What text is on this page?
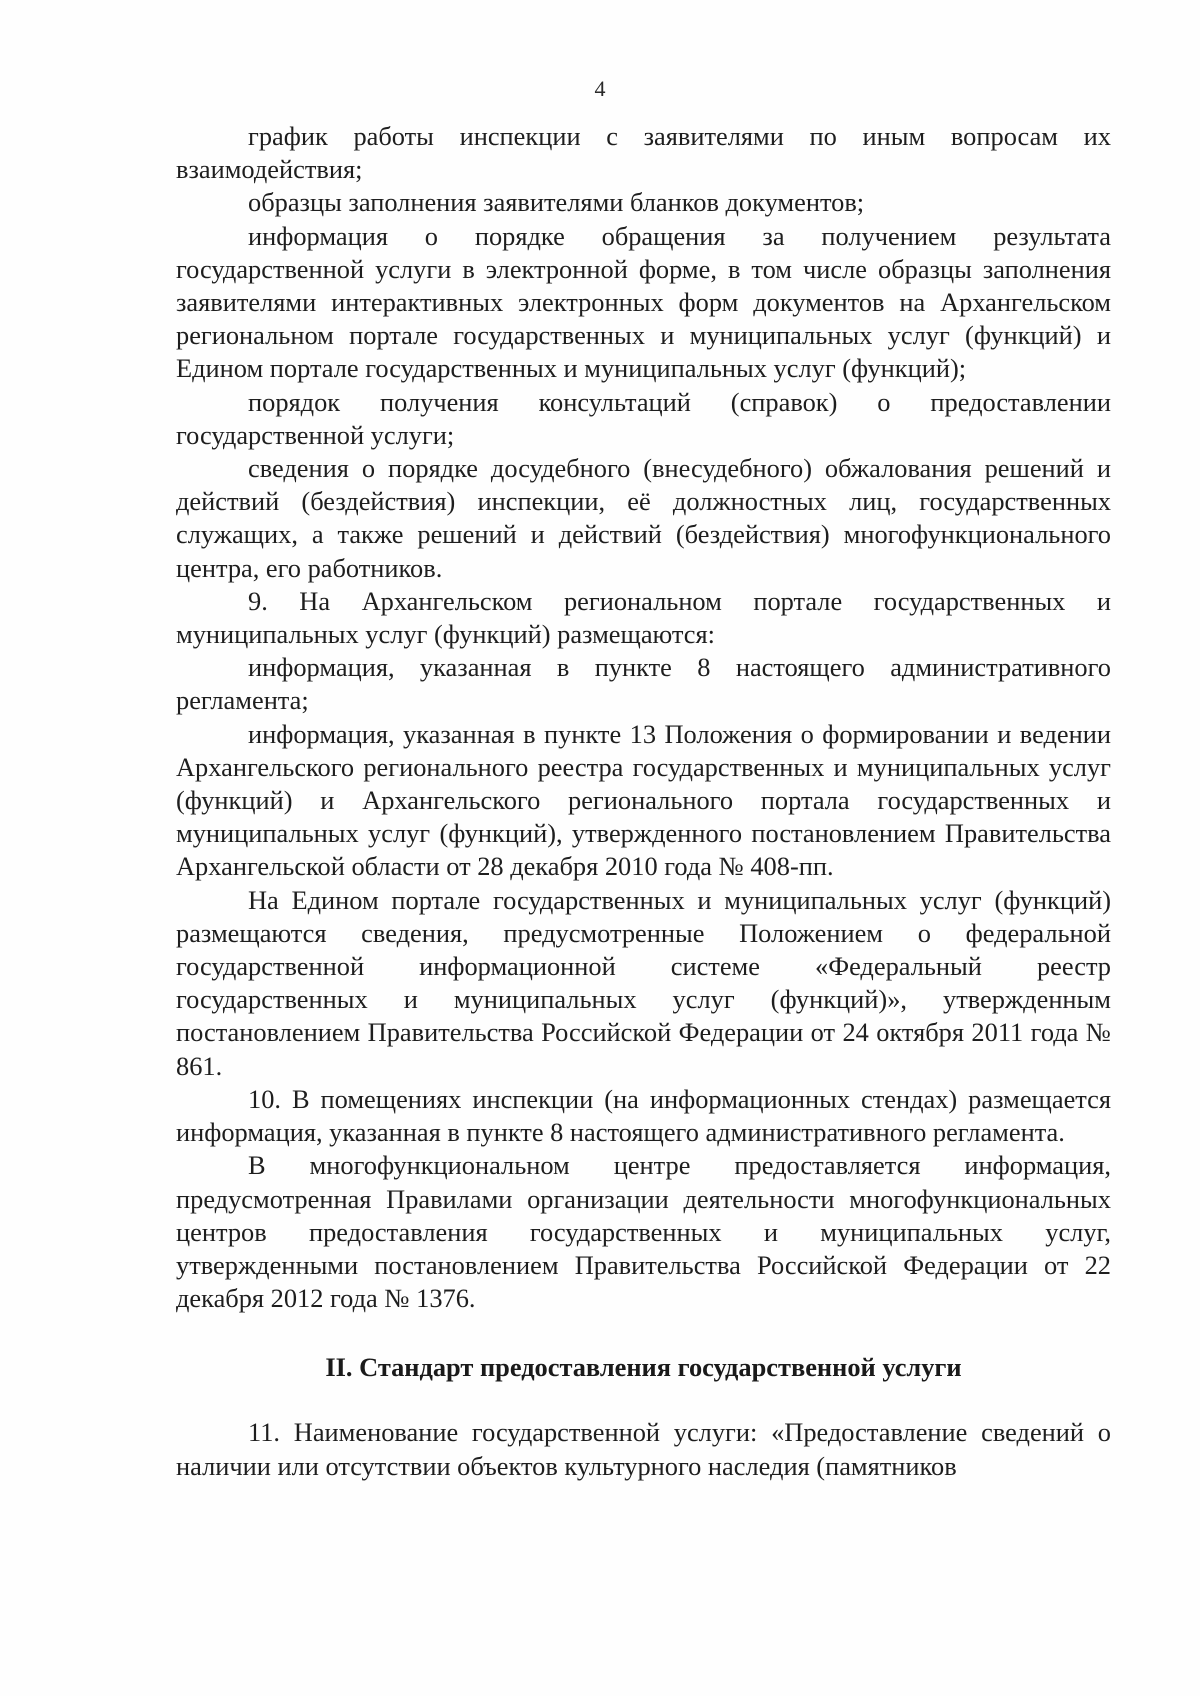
4

график работы инспекции с заявителями по иным вопросам их взаимодействия;

образцы заполнения заявителями бланков документов;

информация о порядке обращения за получением результата государственной услуги в электронной форме, в том числе образцы заполнения заявителями интерактивных электронных форм документов на Архангельском региональном портале государственных и муниципальных услуг (функций) и Едином портале государственных и муниципальных услуг (функций);

порядок получения консультаций (справок) о предоставлении государственной услуги;

сведения о порядке досудебного (внесудебного) обжалования решений и действий (бездействия) инспекции, её должностных лиц, государственных служащих, а также решений и действий (бездействия) многофункционального центра, его работников.

9. На Архангельском региональном портале государственных и муниципальных услуг (функций) размещаются:

информация, указанная в пункте 8 настоящего административного регламента;

информация, указанная в пункте 13 Положения о формировании и ведении Архангельского регионального реестра государственных и муниципальных услуг (функций) и Архангельского регионального портала государственных и муниципальных услуг (функций), утвержденного постановлением Правительства Архангельской области от 28 декабря 2010 года № 408-пп.

На Едином портале государственных и муниципальных услуг (функций) размещаются сведения, предусмотренные Положением о федеральной государственной информационной системе «Федеральный реестр государственных и муниципальных услуг (функций)», утвержденным постановлением Правительства Российской Федерации от 24 октября 2011 года № 861.

10. В помещениях инспекции (на информационных стендах) размещается информация, указанная в пункте 8 настоящего административного регламента.

В многофункциональном центре предоставляется информация, предусмотренная Правилами организации деятельности многофункциональных центров предоставления государственных и муниципальных услуг, утвержденными постановлением Правительства Российской Федерации от 22 декабря 2012 года № 1376.

II. Стандарт предоставления государственной услуги

11. Наименование государственной услуги: «Предоставление сведений о наличии или отсутствии объектов культурного наследия (памятников
